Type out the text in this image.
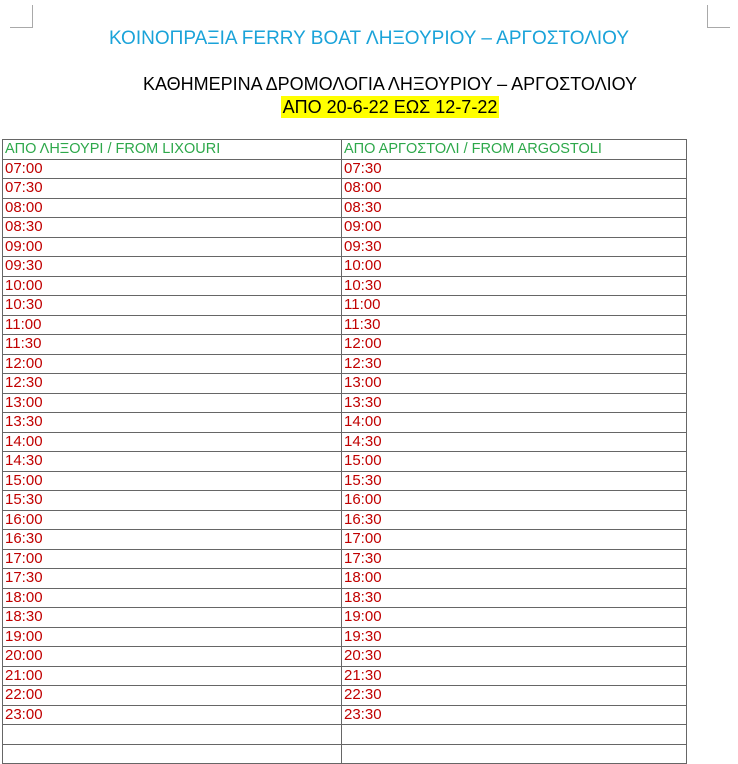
ΚΟΙΝΟΠΡΑΞΙΑ FERRY BOAT ΛΗΞΟΥΡΙΟΥ – ΑΡΓΟΣΤΟΛΙΟΥ
ΚΑΘΗΜΕΡΙΝΑ ΔΡΟΜΟΛΟΓΙΑ ΛΗΞΟΥΡΙΟΥ – ΑΡΓΟΣΤΟΛΙΟΥ
ΑΠΟ 20-6-22 ΕΩΣ 12-7-22
ΑΠΟ ΛΗΞΟΥΡΙ / FROM LIXOURI	ΑΠΟ ΑΡΓΟΣΤΟΛΙ / FROM ARGOSTOLI
07:00	07:30
07:30	08:00
08:00	08:30
08:30	09:00
09:00	09:30
09:30	10:00
10:00	10:30
10:30	11:00
11:00	11:30
11:30	12:00
12:00	12:30
12:30	13:00
13:00	13:30
13:30	14:00
14:00	14:30
14:30	15:00
15:00	15:30
15:30	16:00
16:00	16:30
16:30	17:00
17:00	17:30
17:30	18:00
18:00	18:30
18:30	19:00
19:00	19:30
20:00	20:30
21:00	21:30
22:00	22:30
23:00	23:30
